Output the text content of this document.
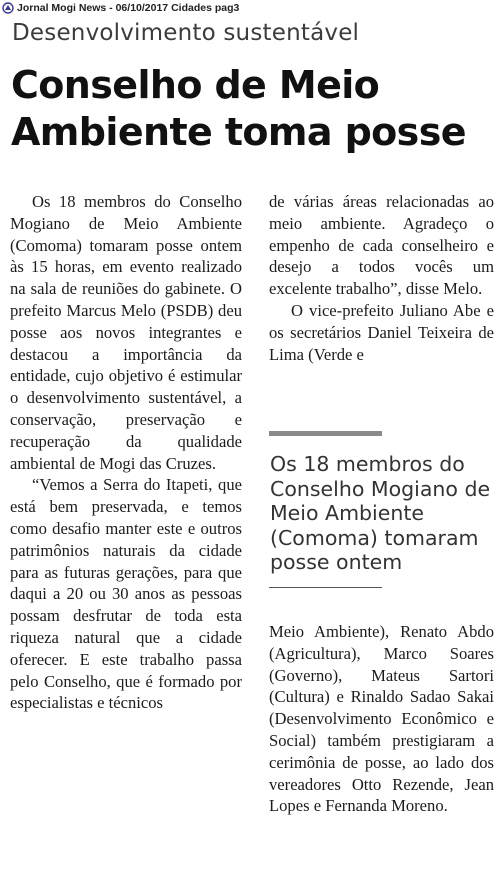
Jornal Mogi News - 06/10/2017 Cidades pag3
Desenvolvimento sustentável
Conselho de Meio Ambiente toma posse

Os 18 membros do Conselho Mogiano de Meio Ambiente (Comoma) tomaram posse ontem às 15 horas, em evento realizado na sala de reuniões do gabinete. O prefeito Marcus Melo (PSDB) deu posse aos novos integrantes e destacou a importância da entidade, cujo objetivo é estimular o desenvolvimento sustentável, a conservação, preservação e recuperação da qualidade ambiental de Mogi das Cruzes.

“Vemos a Serra do Itapeti, que está bem preservada, e temos como desafio manter este e outros patrimônios naturais da cidade para as futuras gerações, para que daqui a 20 ou 30 anos as pessoas possam desfrutar de toda esta riqueza natural que a cidade oferecer. E este trabalho passa pelo Conselho, que é formado por especialistas e técnicos

de várias áreas relacionadas ao meio ambiente. Agradeço o empenho de cada conselheiro e desejo a todos vocês um excelente trabalho”, disse Melo.

O vice-prefeito Juliano Abe e os secretários Daniel Teixeira de Lima (Verde e

Os 18 membros do Conselho Mogiano de Meio Ambiente (Comoma) tomaram posse ontem

Meio Ambiente), Renato Abdo (Agricultura), Marco Soares (Governo), Mateus Sartori (Cultura) e Rinaldo Sadao Sakai (Desenvolvimento Econômico e Social) também prestigiaram a cerimônia de posse, ao lado dos vereadores Otto Rezende, Jean Lopes e Fernanda Moreno.
